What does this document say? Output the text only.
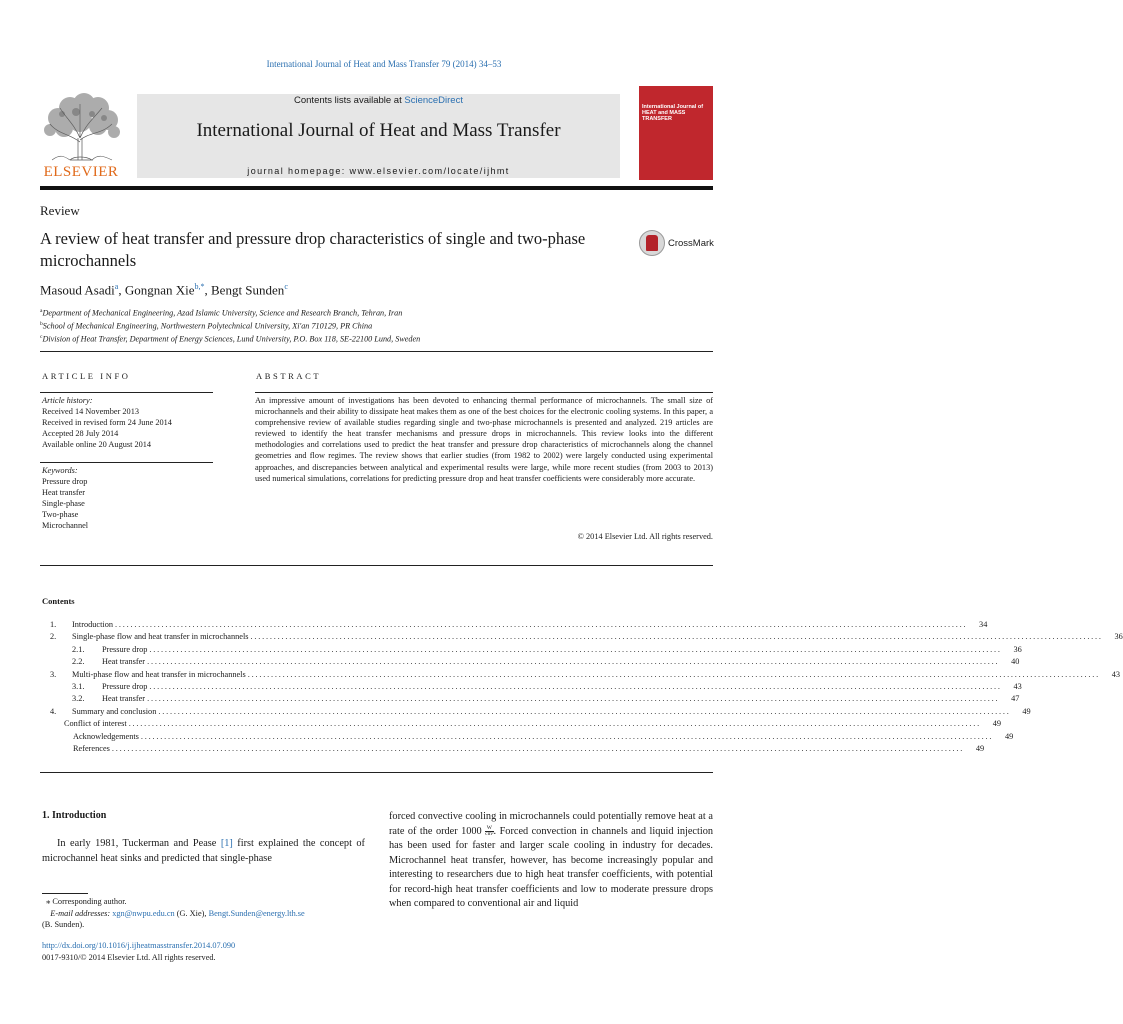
International Journal of Heat and Mass Transfer 79 (2014) 34–53
ELSEVIER
Contents lists available at ScienceDirect
International Journal of Heat and Mass Transfer
journal homepage: www.elsevier.com/locate/ijhmt
International Journal of HEAT and MASS TRANSFER
Review
A review of heat transfer and pressure drop characteristics of single and two-phase microchannels
CrossMark
Masoud Asadi$^a$, Gongnan Xie$^{b,*}$, Bengt Sunden$^c$
$^a$Department of Mechanical Engineering, Azad Islamic University, Science and Research Branch, Tehran, Iran
$^b$School of Mechanical Engineering, Northwestern Polytechnical University, Xi'an 710129, PR China
$^c$Division of Heat Transfer, Department of Energy Sciences, Lund University, P.O. Box 118, SE-22100 Lund, Sweden
ARTICLE INFO	ABSTRACT
Article history:
Received 14 November 2013
Received in revised form 24 June 2014
Accepted 28 July 2014
Available online 20 August 2014
Keywords:
Pressure drop
Heat transfer
Single-phase
Two-phase
Microchannel
An impressive amount of investigations has been devoted to enhancing thermal performance of microchannels. The small size of microchannels and their ability to dissipate heat makes them as one of the best choices for the electronic cooling systems. In this paper, a comprehensive review of available studies regarding single and two-phase microchannels is presented and analyzed. 219 articles are reviewed to identify the heat transfer mechanisms and pressure drops in microchannels. This review looks into the different methodologies and correlations used to predict the heat transfer and pressure drop characteristics of microchannels along the channel geometries and flow regimes. The review shows that earlier studies (from 1982 to 2002) were largely conducted using experimental approaches, and discrepancies between analytical and experimental results were large, while more recent studies (from 2003 to 2013) used numerical simulations, correlations for predicting pressure drop and heat transfer coefficients were considerably more accurate.
© 2014 Elsevier Ltd. All rights reserved.
Contents
1.	Introduction ............................................................................................................................................................................................................................	34
2.	Single-phase flow and heat transfer in microchannels ............................................................................................................................................................................................................................	36
2.1.	Pressure drop ............................................................................................................................................................................................................................	36
2.2.	Heat transfer ............................................................................................................................................................................................................................	40
3.	Multi-phase flow and heat transfer in microchannels ............................................................................................................................................................................................................................	43
3.1.	Pressure drop ............................................................................................................................................................................................................................	43
3.2.	Heat transfer ............................................................................................................................................................................................................................	47
4.	Summary and conclusion ............................................................................................................................................................................................................................	49
Conflict of interest ............................................................................................................................................................................................................................	49
Acknowledgements ............................................................................................................................................................................................................................	49
References ............................................................................................................................................................................................................................	49
1. Introduction
In early 1981, Tuckerman and Pease [1] first explained the concept of microchannel heat sinks and predicted that single-phase
forced convective cooling in microchannels could potentially remove heat at a rate of the order $1000 \frac{W}{\text{cm²}}$ . Forced convection in channels and liquid injection has been used for faster and larger scale cooling in industry for decades. Microchannel heat transfer, however, has become increasingly popular and interesting to researchers due to high heat transfer coefficients, with potential for record-high heat transfer coefficients and low to moderate pressure drops when compared to conventional air and liquid
⁎ Corresponding author.
E-mail addresses: xgn@nwpu.edu.cn (G. Xie), Bengt.Sunden@energy.lth.se
(B. Sunden).
http://dx.doi.org/10.1016/j.ijheatmasstransfer.2014.07.090
0017-9310/© 2014 Elsevier Ltd. All rights reserved.
